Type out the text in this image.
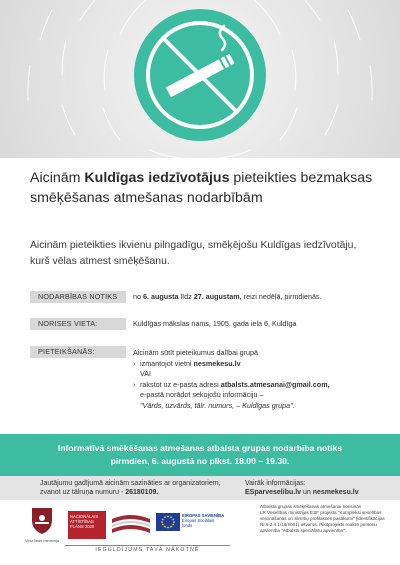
Aicinām Kuldīgas iedzīvotājus pieteikties bezmaksas smēķēšanas atmešanas nodarbībām
Aicinām pieteikties ikvienu pilngadīgu, smēķējošu Kuldīgas iedzīvotāju, kurš vēlas atmest smēķēšanu.
NODARBĪBAS NOTIKS	no 6. augusta līdz 27. augustam, reizi nedēļā, pirmdienās.
NORISES VIETA:	Kuldīgas mākslas nams, 1905. gada iela 6, Kuldīga
PIETEIKŠANĀS:	Aicinām sūtīt pieteikumus dalībai grupā
› izmantojot vietni nesmekesu.lv
VAI
› rakstot uz e-pasta adresi atbalsts.atmesanai@gmail.com,
e-pastā norādot sekojošu informāciju –
"Vārds, uzvārds, tālr. numurs, – Kuldīgas grupa".
Informatīvā smēķēšanas atmešanas atbalsta grupas nodarbība notiks
pirmdien, 6. augustā no plkst. 18.00 – 19.30.
Jautājumu gadījumā aicinām sazināties ar organizatoriem,
zvanot uz tālruņa numuru - 26180109.
Vairāk informācijas:
ESparveselibu.lv un nesmekesu.lv
Veselības ministrija
NACIONĀLAIS
ATTĪSTĪBAS
PLĀNS 2020
EIROPAS SAVIENĪBA
Eiropas Sociālais
fonds
IEGULDĪJUMS TAVĀ NĀKOTNĒ
Atbalsta grupas smēķēšanas atmešanai norisinās
LR Veselības ministrijas ESF projekta "Kompleksi veselības
veicināšanas un slimību profilakses pasākumi" (identifikācijas
Nr.9.2.4.1/16/I/001) ietvaros. Pilotprojekts realizē personu
apvienība "Atbalsts speciālistu apvienība".
